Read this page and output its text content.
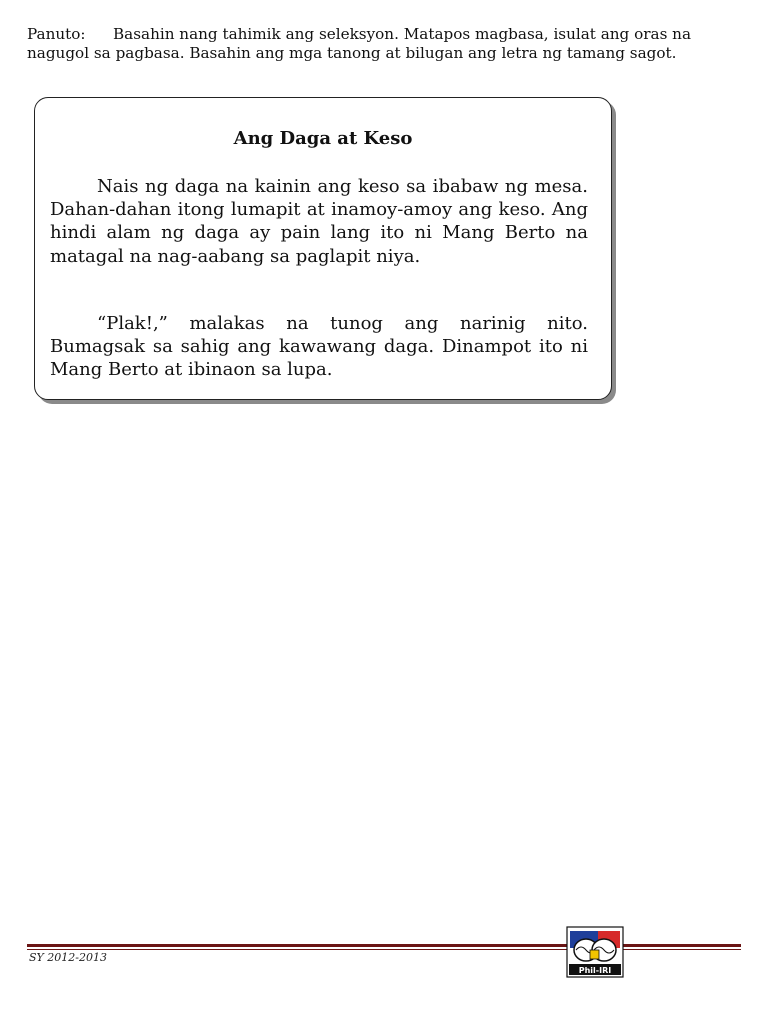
Panuto: Basahin nang tahimik ang seleksyon. Matapos magbasa, isulat ang oras na nagugol sa pagbasa. Basahin ang mga tanong at bilugan ang letra ng tamang sagot.
Ang Daga at Keso
Nais ng daga na kainin ang keso sa ibabaw ng mesa. Dahan-dahan itong lumapit at inamoy-amoy ang keso. Ang hindi alam ng daga ay pain lang ito ni Mang Berto na matagal na nag-aabang sa paglapit niya.
“Plak!,” malakas na tunog ang narinig nito. Bumagsak sa sahig ang kawawang daga. Dinampot ito ni Mang Berto at ibinaon sa lupa.
SY 2012-2013
Phil-IRI
